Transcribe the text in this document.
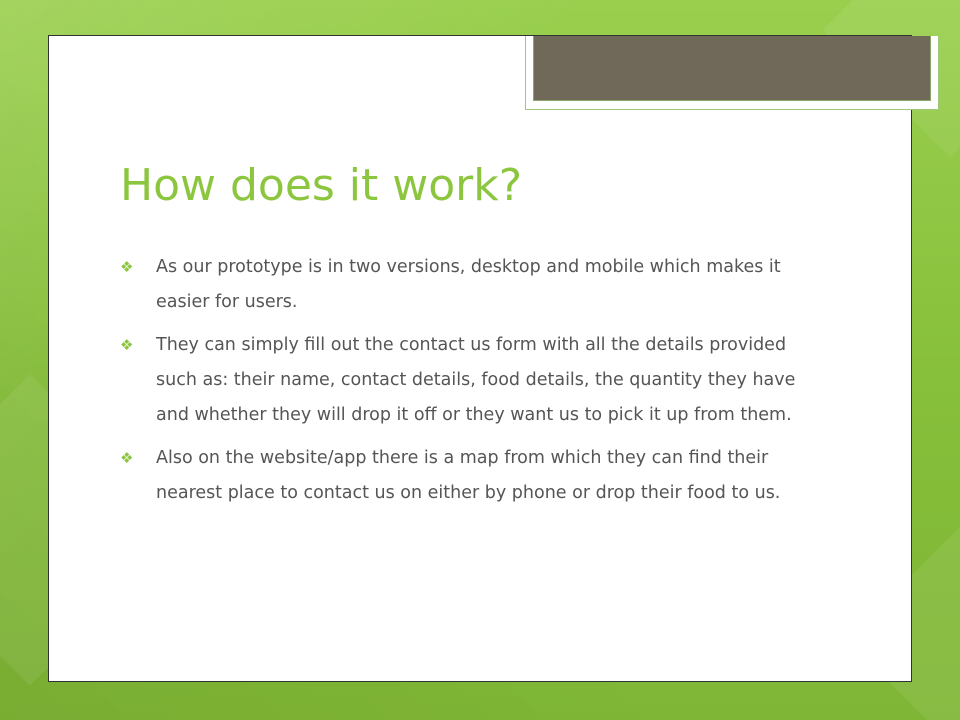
How does it work?
❖ As our prototype is in two versions, desktop and mobile which makes it easier for users.
❖ They can simply fill out the contact us form with all the details provided such as: their name, contact details, food details, the quantity they have and whether they will drop it off or they want us to pick it up from them.
❖ Also on the website/app there is a map from which they can find their nearest place to contact us on either by phone or drop their food to us.
